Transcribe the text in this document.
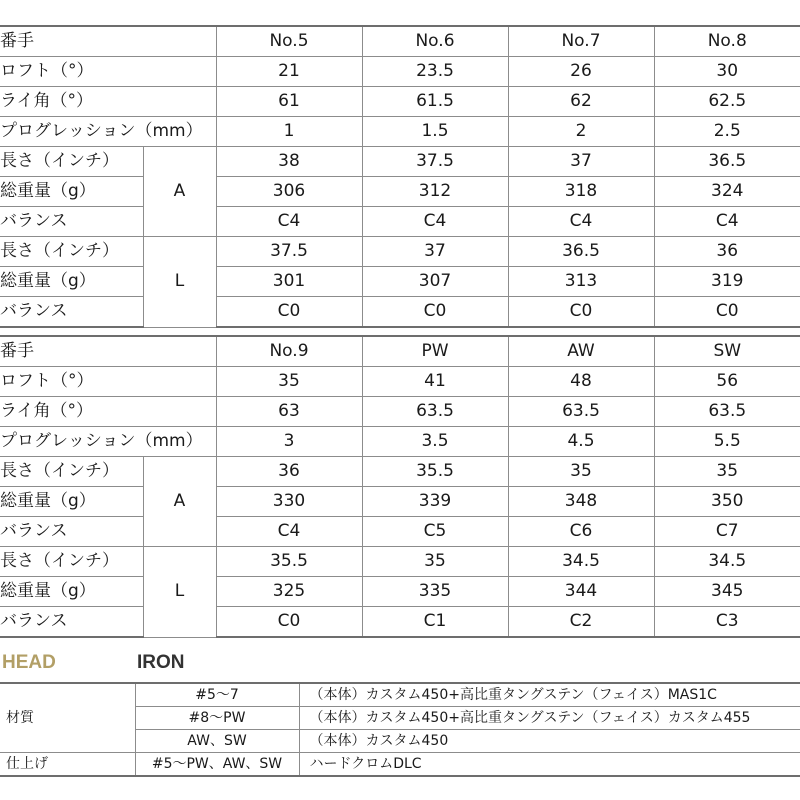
番手		No.5	No.6	No.7	No.8
ロフト（°）		21	23.5	26	30
ライ角（°）		61	61.5	62	62.5
プログレッション（mm）		1	1.5	2	2.5
長さ（インチ）	A	38	37.5	37	36.5
総重量（g）		306	312	318	324
バランス		C4	C4	C4	C4
長さ（インチ）	L	37.5	37	36.5	36
総重量（g）		301	307	313	319
バランス		C0	C0	C0	C0
番手		No.9	PW	AW	SW
ロフト（°）		35	41	48	56
ライ角（°）		63	63.5	63.5	63.5
プログレッション（mm）		3	3.5	4.5	5.5
長さ（インチ）	A	36	35.5	35	35
総重量（g）		330	339	348	350
バランス		C4	C5	C6	C7
長さ（インチ）	L	35.5	35	34.5	34.5
総重量（g）		325	335	344	345
バランス		C0	C1	C2	C3
HEAD	IRON
材質	#5～7	（本体）カスタム450+高比重タングステン（フェイス）MAS1C
	#8～PW	（本体）カスタム450+高比重タングステン（フェイス）カスタム455
	AW、SW	（本体）カスタム450
仕上げ	#5～PW、AW、SW	ハードクロムDLC
